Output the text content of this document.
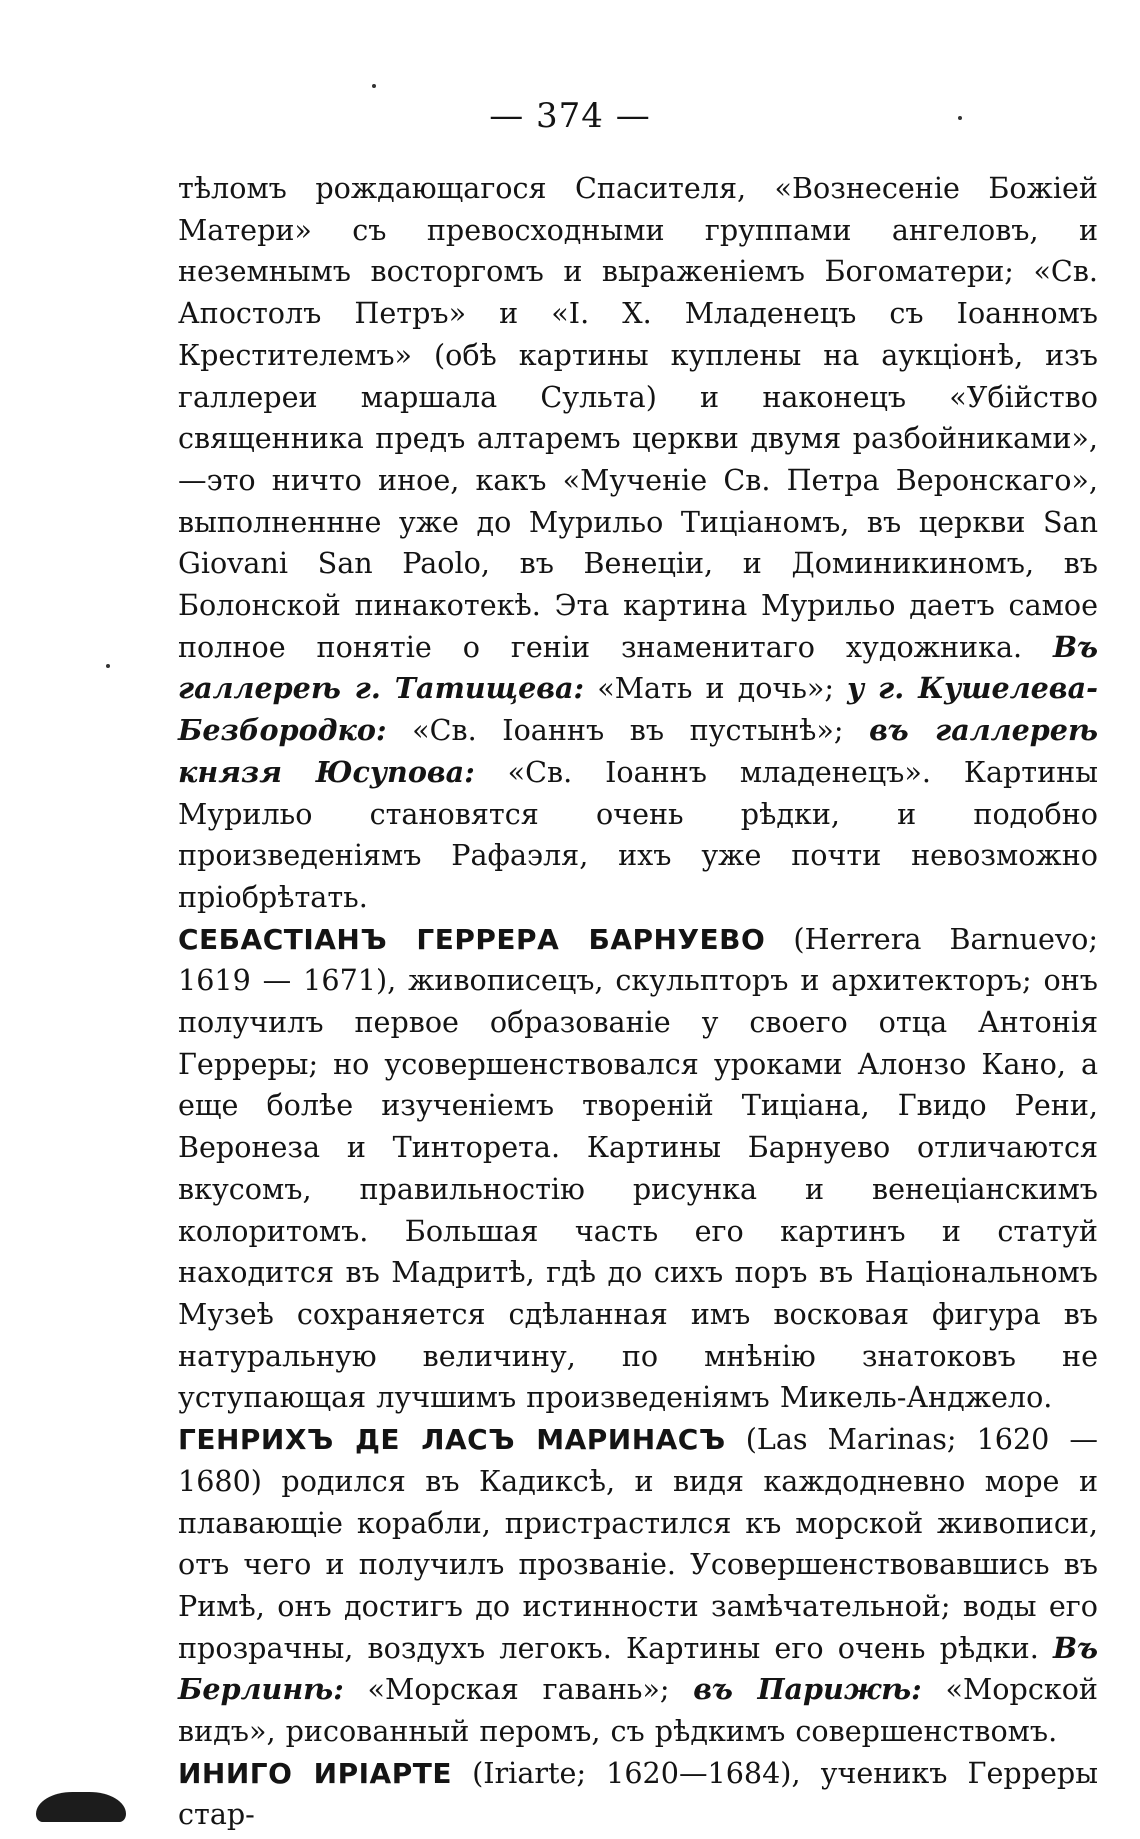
— 374 —

тѣломъ рождающагося Спасителя, «Вознесеніе Божіей Матери» съ превосходными группами ангеловъ, и неземнымъ восторгомъ и выраженіемъ Богоматери; «Св. Апостолъ Петръ» и «І. Х. Младенецъ съ Іоанномъ Крестителемъ» (обѣ картины куплены на аукціонѣ, изъ галлереи маршала Сульта) и наконецъ «Убійство священника предъ алтаремъ церкви двумя разбойниками»,—это ничто иное, какъ «Мученіе Св. Петра Веронскаго», выполненнне уже до Мурильо Тиціаномъ, въ церкви San Giovani San Paolo, въ Венеціи, и Доминикиномъ, въ Болонской пинакотекѣ. Эта картина Мурильо даетъ самое полное понятіе о геніи знаменитаго художника. Въ галлереѣ г. Татищева: «Мать и дочь»; у г. Кушелева-Безбородко: «Св. Іоаннъ въ пустынѣ»; въ галлереѣ князя Юсупова: «Св. Іоаннъ младенецъ». Картины Мурильо становятся очень рѣдки, и подобно произведеніямъ Рафаэля, ихъ уже почти невозможно пріобрѣтать.

СЕБАСТІАНЪ ГЕРРЕРА БАРНУЕВО (Herrera Barnuevo; 1619 — 1671), живописецъ, скульпторъ и архитекторъ; онъ получилъ первое образованіе у своего отца Антонія Герреры; но усовершенствовался уроками Алонзо Кано, а еще болѣе изученіемъ твореній Тиціана, Гвидо Рени, Веронеза и Тинторета. Картины Барнуево отличаются вкусомъ, правильностію рисунка и венеціанскимъ колоритомъ. Большая часть его картинъ и статуй находится въ Мадритѣ, гдѣ до сихъ поръ въ Національномъ Музеѣ сохраняется сдѣланная имъ восковая фигура въ натуральную величину, по мнѣнію знатоковъ не уступающая лучшимъ произведеніямъ Микель-Анджело.

ГЕНРИХЪ ДЕ ЛАСЪ МАРИНАСЪ (Las Marinas; 1620 — 1680) родился въ Кадиксѣ, и видя каждодневно море и плавающіе корабли, пристрастился къ морской живописи, отъ чего и получилъ прозваніе. Усовершенствовавшись въ Римѣ, онъ достигъ до истинности замѣчательной; воды его прозрачны, воздухъ легокъ. Картины его очень рѣдки. Въ Берлинѣ: «Морская гавань»; въ Парижѣ: «Морской видъ», рисованный перомъ, съ рѣдкимъ совершенствомъ.

ИНИГО ИРІАРТЕ (Iriarte; 1620—1684), ученикъ Герреры стар-
